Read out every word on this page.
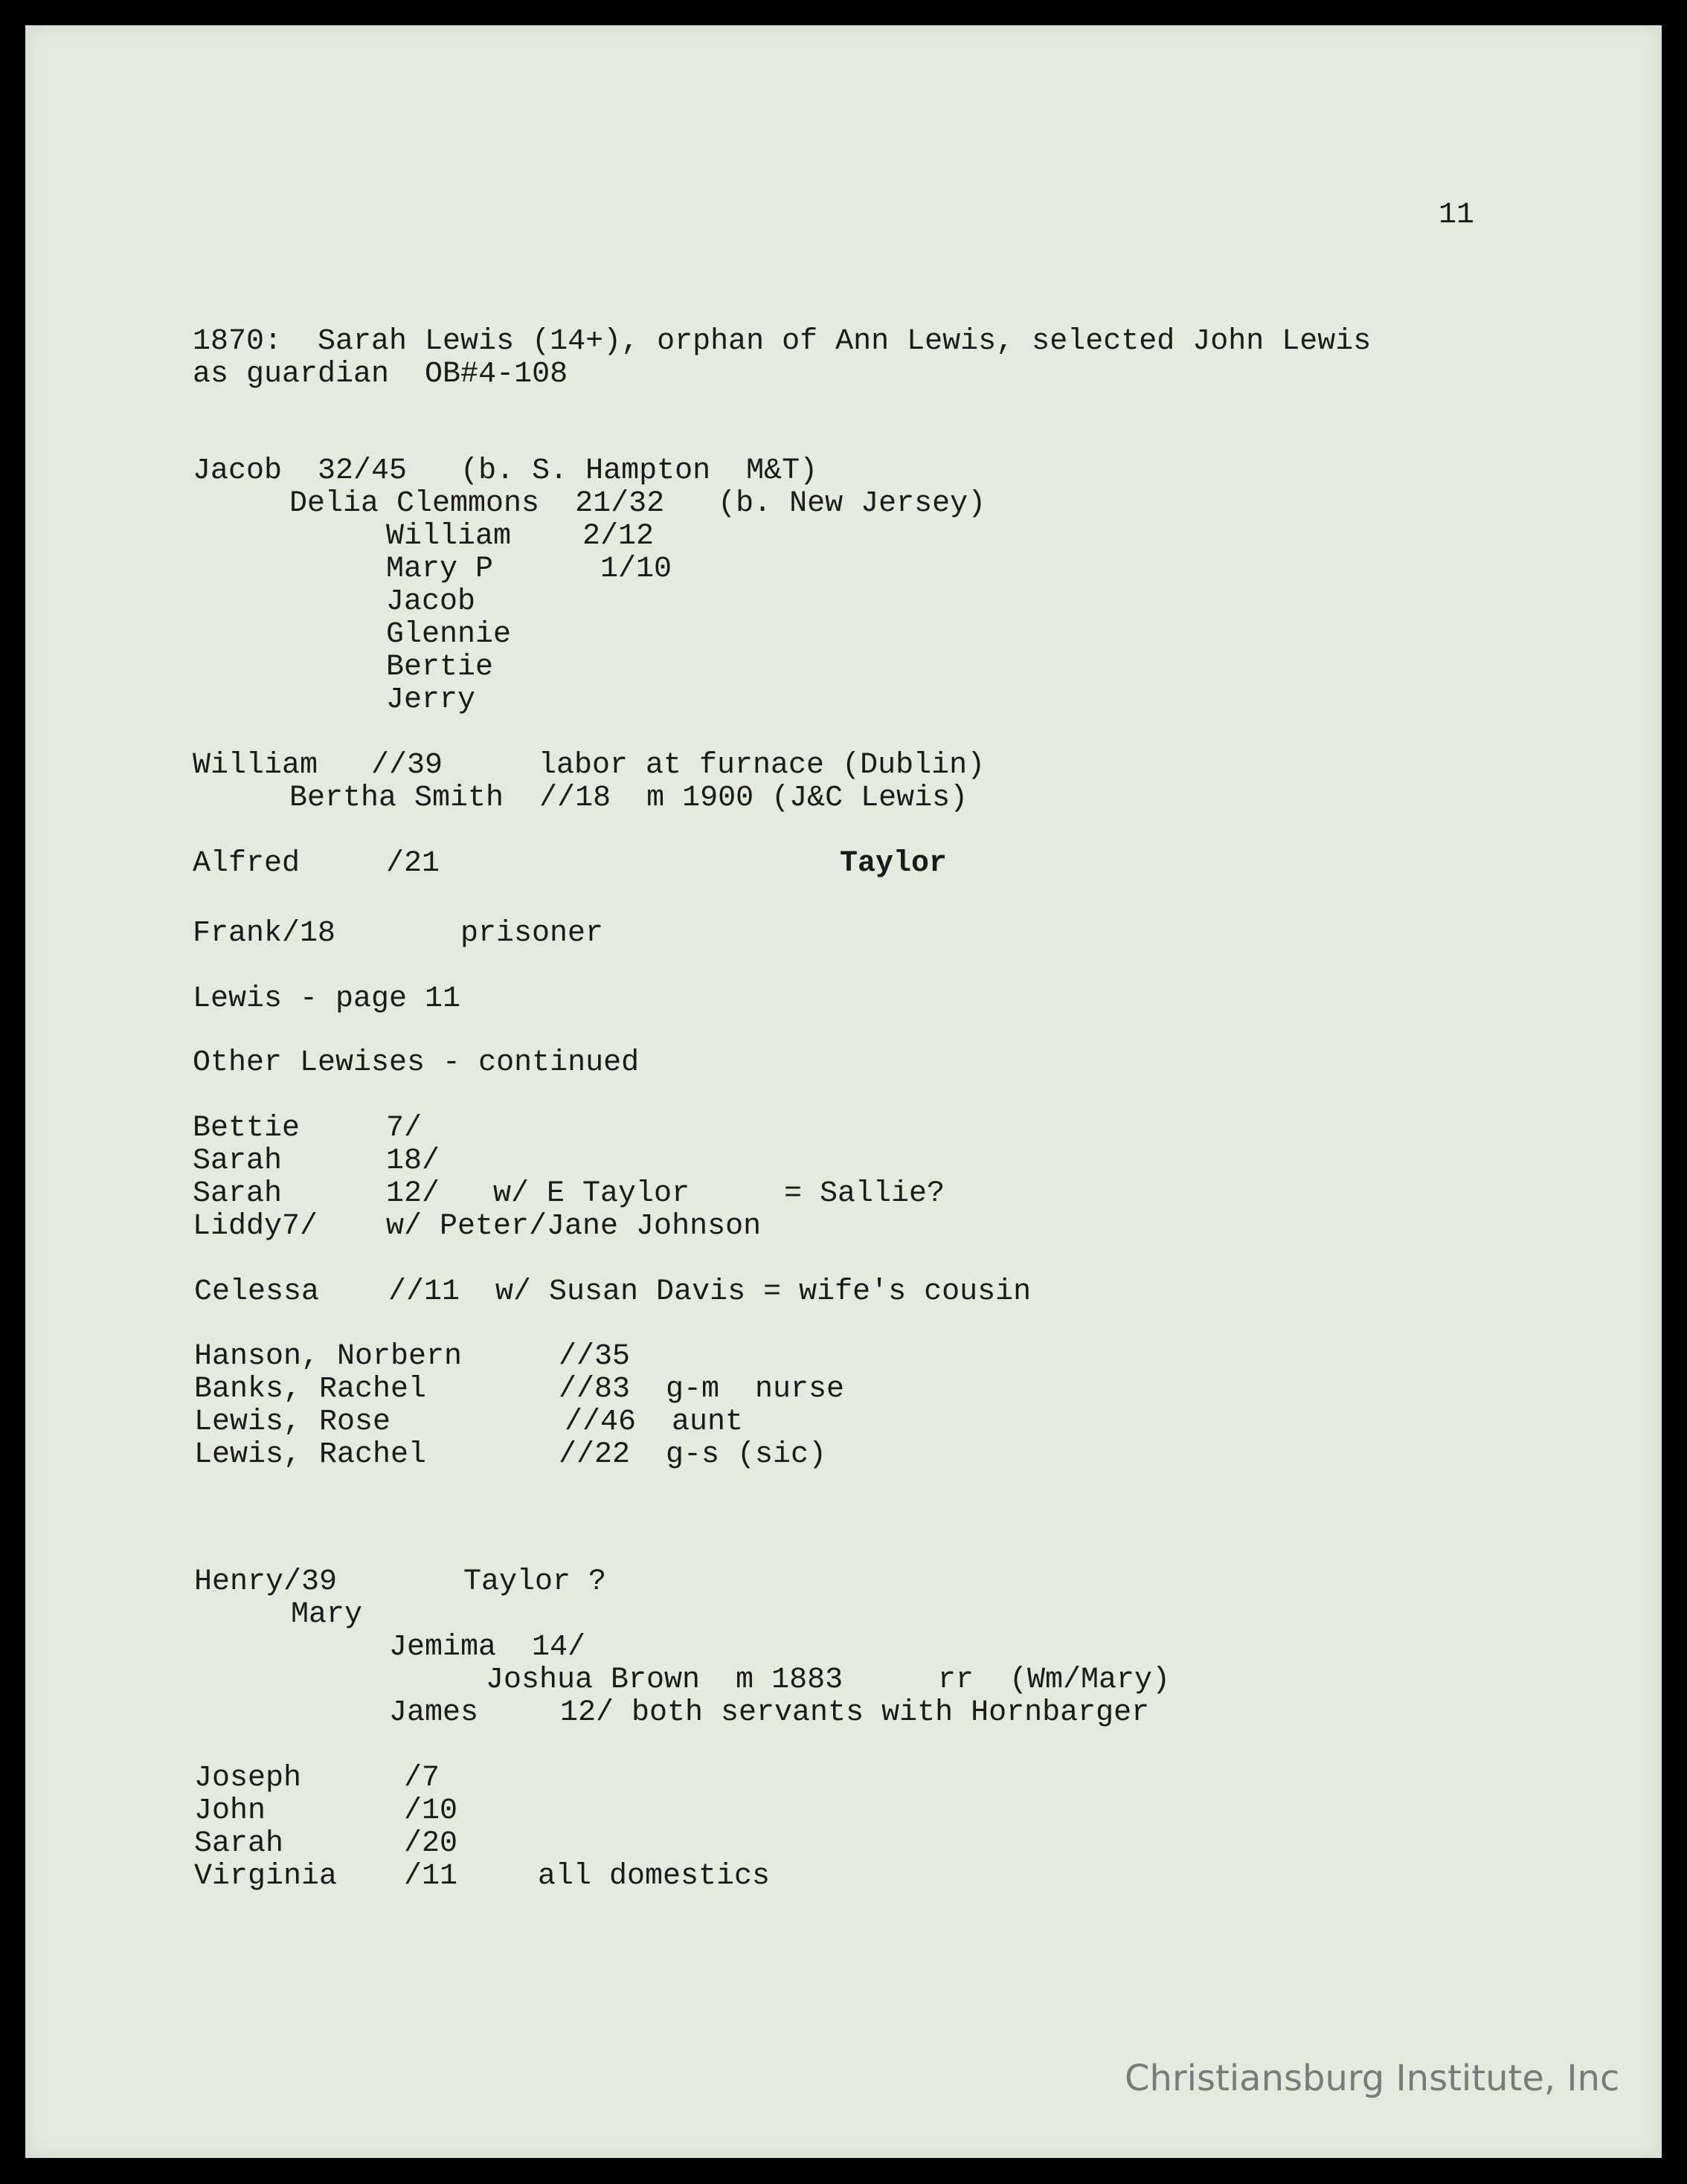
11
1870:  Sarah Lewis (14+), orphan of Ann Lewis, selected John Lewis
as guardian  OB#4-108
Jacob  32/45   (b. S. Hampton  M&T)
Delia Clemmons  21/32   (b. New Jersey)
William    2/12
Mary P      1/10
Jacob
Glennie
Bertie
Jerry
William   //39	labor at furnace (Dublin)
Bertha Smith  //18  m 1900 (J&C Lewis)
Alfred	/21	Taylor
Frank/18	prisoner
Lewis - page 11
Other Lewises - continued
Bettie	7/
Sarah	18/
Sarah	12/   w/ E Taylor	= Sallie?
Liddy7/ w/ Peter/Jane Johnson
Celessa //11  w/ Susan Davis = wife's cousin
Hanson, Norbern	//35
Banks, Rachel	//83  g-m  nurse
Lewis, Rose	//46  aunt
Lewis, Rachel	//22  g-s (sic)
Henry/39	Taylor ?
Mary
Jemima  14/
Joshua Brown  m 1883	rr  (Wm/Mary)
James	12/ both servants with Hornbarger
Joseph	/7
John	/10
Sarah	/20
Virginia /11	all domestics
Christiansburg Institute, Inc
